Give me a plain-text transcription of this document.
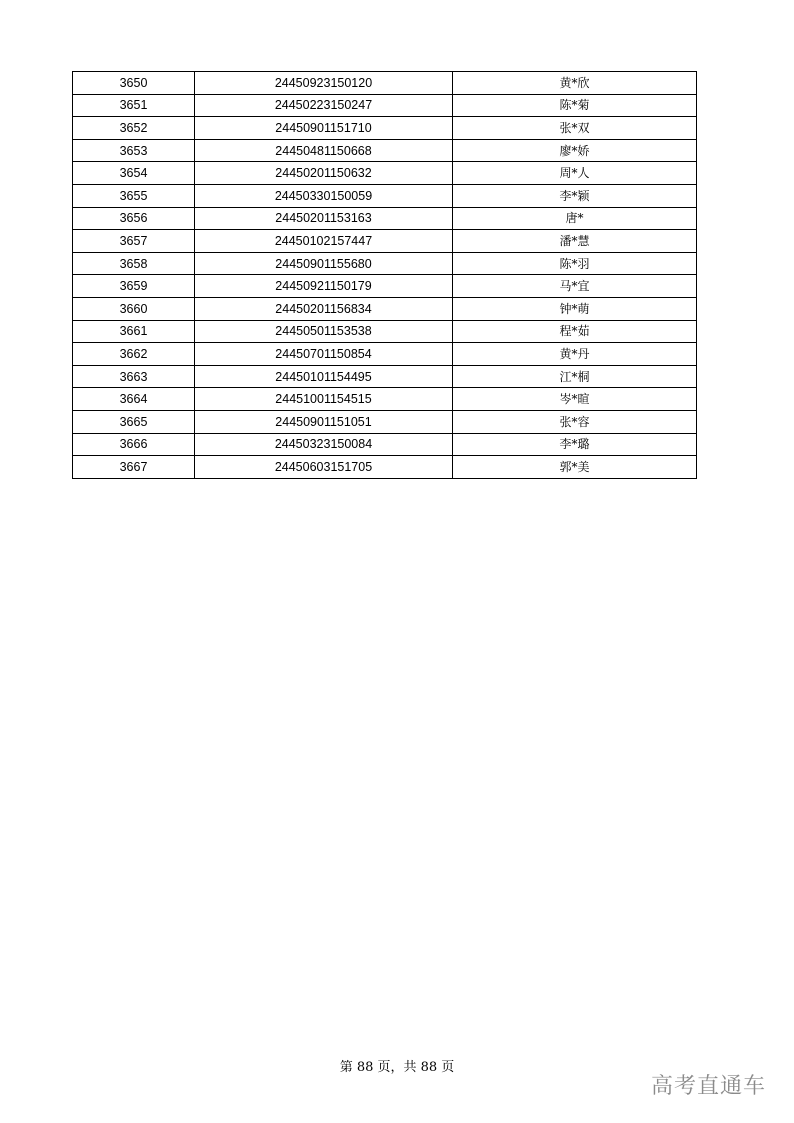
3650	24450923150120	黄*欣
3651	24450223150247	陈*菊
3652	24450901151710	张*双
3653	24450481150668	廖*娇
3654	24450201150632	周*人
3655	24450330150059	李*颖
3656	24450201153163	唐*
3657	24450102157447	潘*慧
3658	24450901155680	陈*羽
3659	24450921150179	马*宜
3660	24450201156834	钟*萌
3661	24450501153538	程*茹
3662	24450701150854	黄*丹
3663	24450101154495	江*桐
3664	24451001154515	岑*暄
3665	24450901151051	张*容
3666	24450323150084	李*璐
3667	24450603151705	郭*美
第 88 页，共 88 页
高考直通车
